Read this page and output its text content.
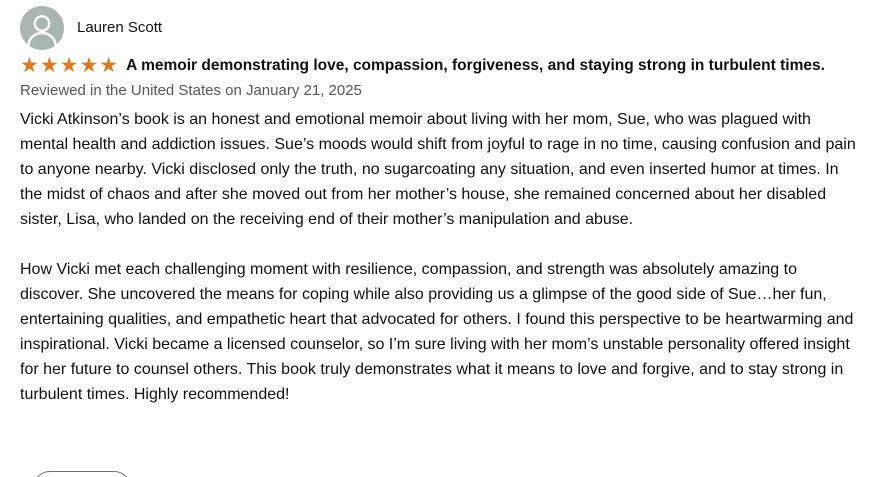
Lauren Scott
★★★★★ A memoir demonstrating love, compassion, forgiveness, and staying strong in turbulent times.
Reviewed in the United States on January 21, 2025

Vicki Atkinson’s book is an honest and emotional memoir about living with her mom, Sue, who was plagued with mental health and addiction issues. Sue’s moods would shift from joyful to rage in no time, causing confusion and pain to anyone nearby. Vicki disclosed only the truth, no sugarcoating any situation, and even inserted humor at times. In the midst of chaos and after she moved out from her mother’s house, she remained concerned about her disabled sister, Lisa, who landed on the receiving end of their mother’s manipulation and abuse.

How Vicki met each challenging moment with resilience, compassion, and strength was absolutely amazing to discover. She uncovered the means for coping while also providing us a glimpse of the good side of Sue…her fun, entertaining qualities, and empathetic heart that advocated for others. I found this perspective to be heartwarming and inspirational. Vicki became a licensed counselor, so I’m sure living with her mom’s unstable personality offered insight for her future to counsel others. This book truly demonstrates what it means to love and forgive, and to stay strong in turbulent times. Highly recommended!
